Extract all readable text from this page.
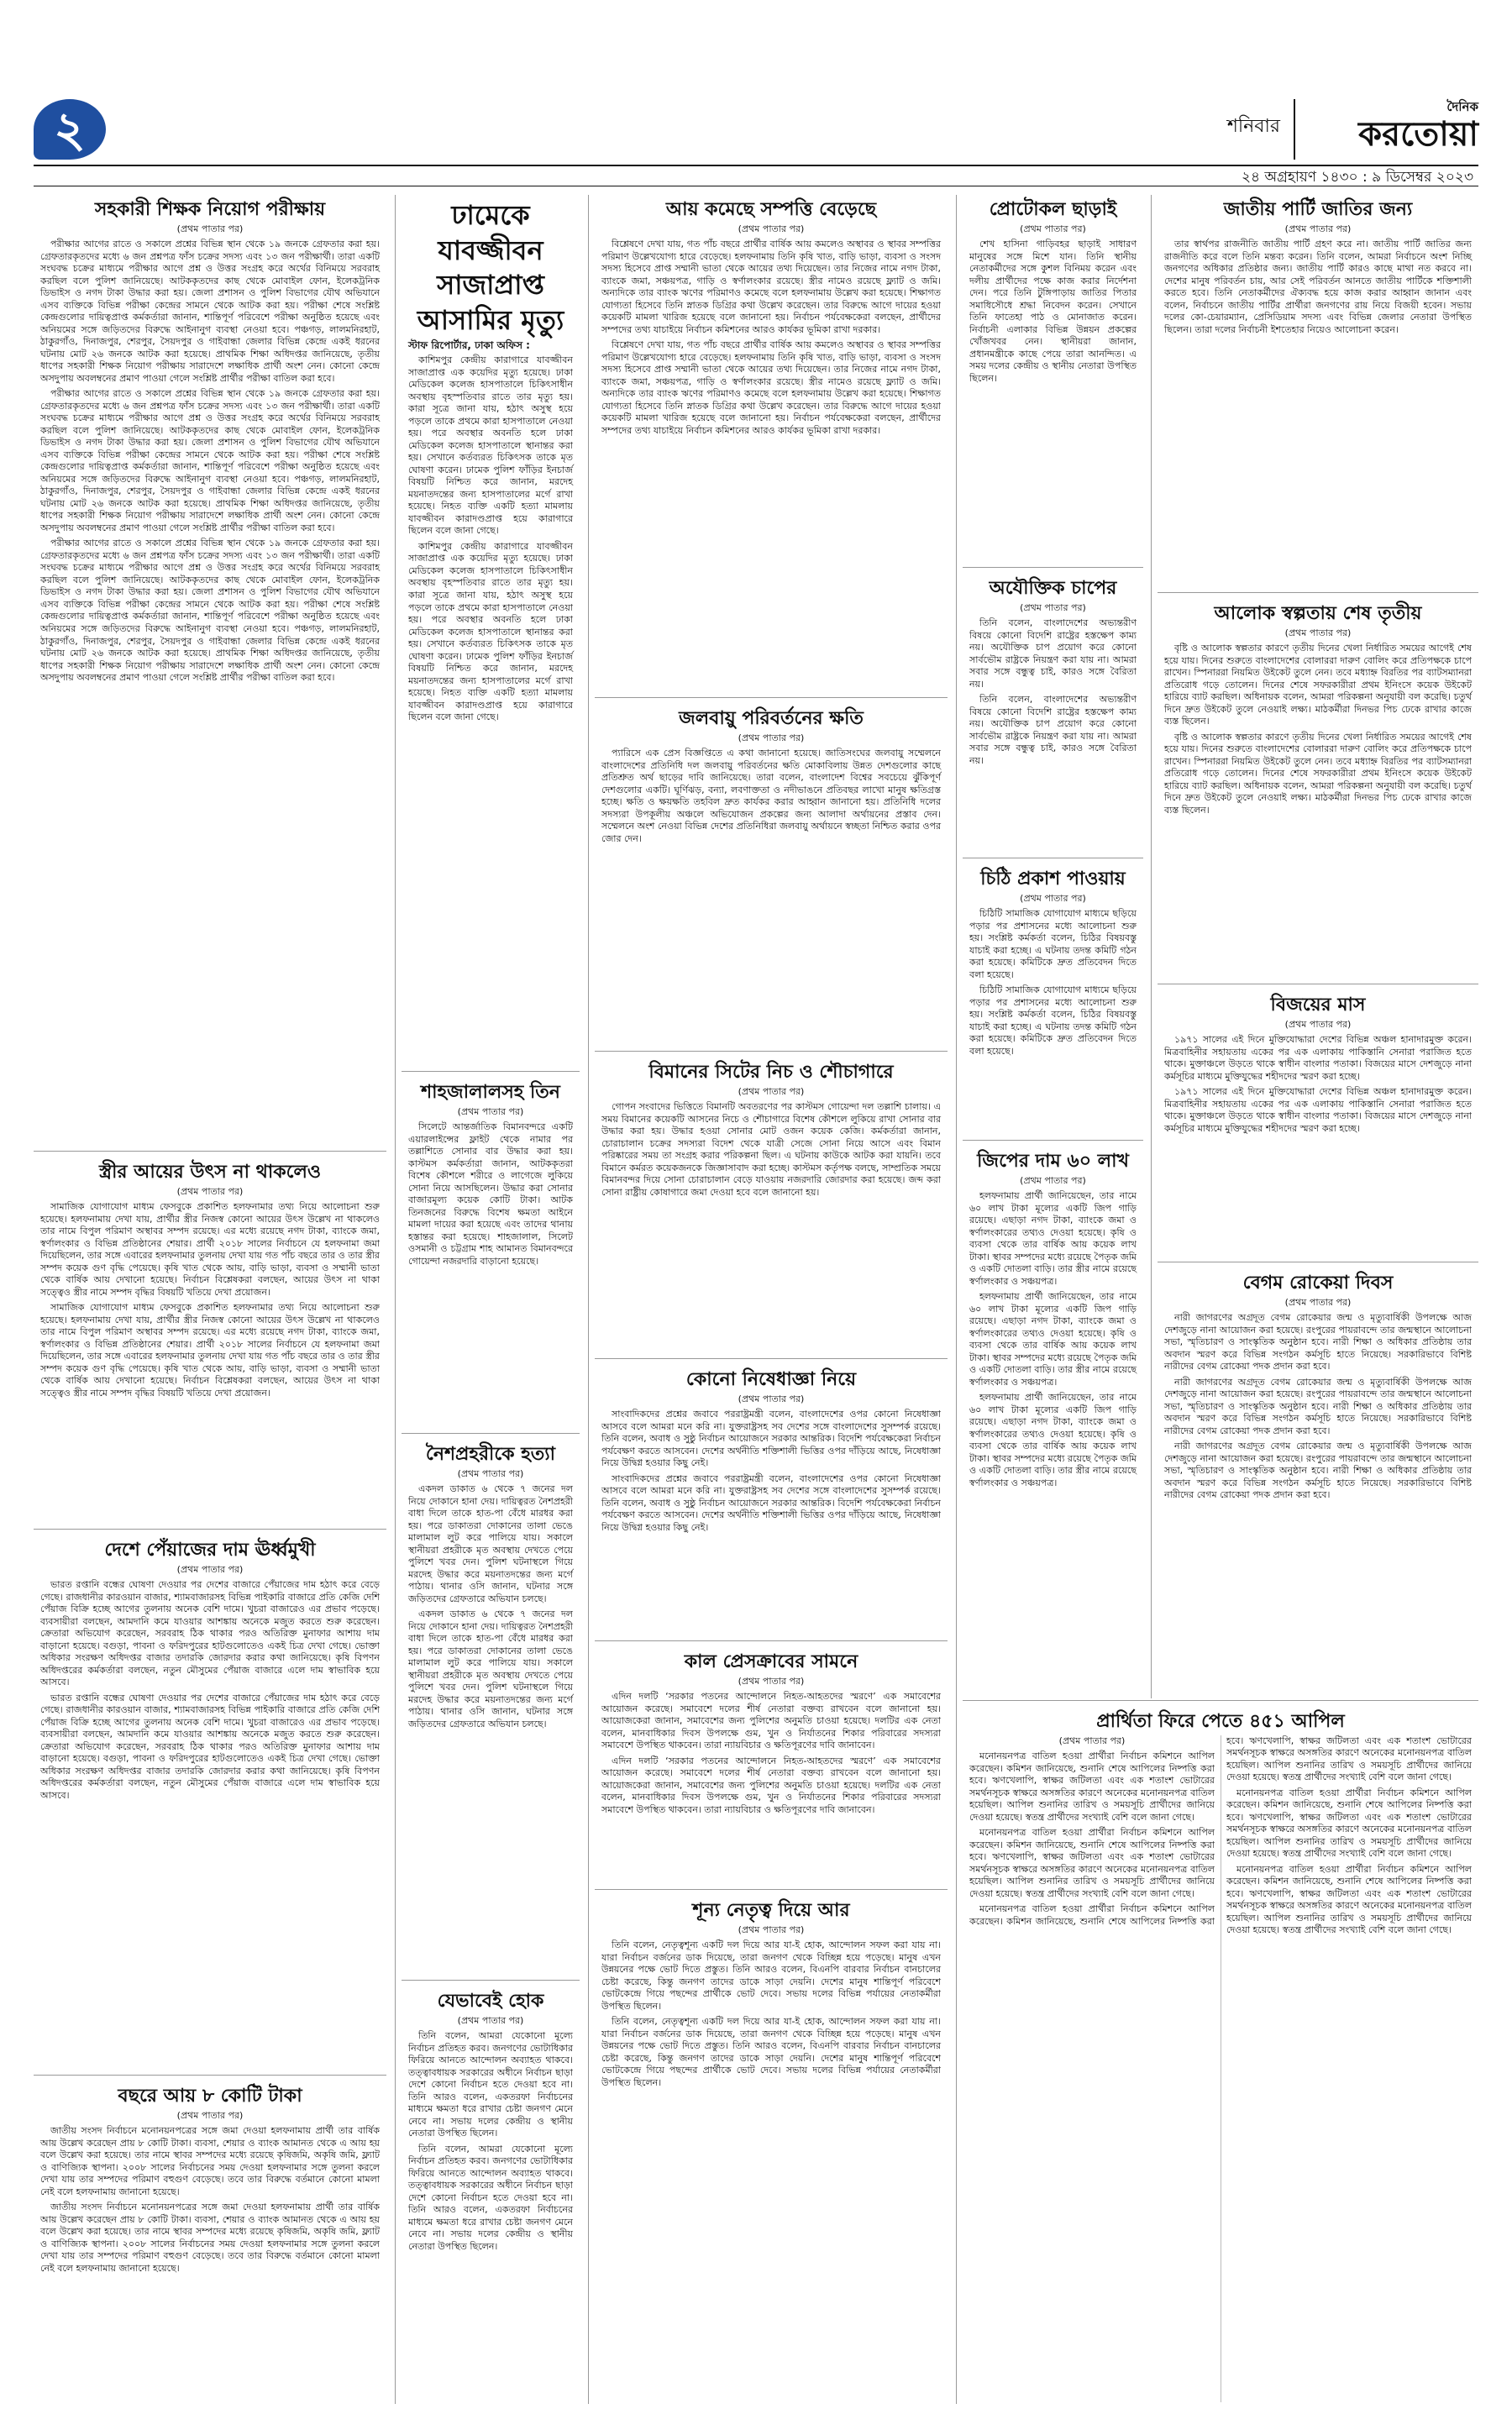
২	শনিবার
দৈনিক
করতোয়া
২৪ অগ্রহায়ণ ১৪৩০ : ৯ ডিসেম্বর ২০২৩
সহকারী শিক্ষক নিয়োগ পরীক্ষায়
(প্রথম পাতার পর)

পরীক্ষার আগের রাতে ও সকালে প্রশ্নের বিভিন্ন স্থান থেকে ১৯ জনকে গ্রেফতার করা হয়। গ্রেফতারকৃতদের মধ্যে ৬ জন প্রশ্নপত্র ফাঁস চক্রের সদস্য এবং ১৩ জন পরীক্ষার্থী। তারা একটি সংঘবদ্ধ চক্রের মাধ্যমে পরীক্ষার আগে প্রশ্ন ও উত্তর সংগ্রহ করে অর্থের বিনিময়ে সরবরাহ করছিল বলে পুলিশ জানিয়েছে। আটককৃতদের কাছ থেকে মোবাইল ফোন, ইলেকট্রনিক ডিভাইস ও নগদ টাকা উদ্ধার করা হয়। জেলা প্রশাসন ও পুলিশ বিভাগের যৌথ অভিযানে এসব ব্যক্তিকে বিভিন্ন পরীক্ষা কেন্দ্রের সামনে থেকে আটক করা হয়। পরীক্ষা শেষে সংশ্লিষ্ট কেন্দ্রগুলোর দায়িত্বপ্রাপ্ত কর্মকর্তারা জানান, শান্তিপূর্ণ পরিবেশে পরীক্ষা অনুষ্ঠিত হয়েছে এবং অনিয়মের সঙ্গে জড়িতদের বিরুদ্ধে আইনানুগ ব্যবস্থা নেওয়া হবে। পঞ্চগড়, লালমনিরহাট, ঠাকুরগাঁও, দিনাজপুর, শেরপুর, সৈয়দপুর ও গাইবান্ধা জেলার বিভিন্ন কেন্দ্রে একই ধরনের ঘটনায় মোট ২৬ জনকে আটক করা হয়েছে। প্রাথমিক শিক্ষা অধিদপ্তর জানিয়েছে, তৃতীয় ধাপের সহকারী শিক্ষক নিয়োগ পরীক্ষায় সারাদেশে লক্ষাধিক প্রার্থী অংশ নেন। কোনো কেন্দ্রে অসদুপায় অবলম্বনের প্রমাণ পাওয়া গেলে সংশ্লিষ্ট প্রার্থীর পরীক্ষা বাতিল করা হবে।

পরীক্ষার আগের রাতে ও সকালে প্রশ্নের বিভিন্ন স্থান থেকে ১৯ জনকে গ্রেফতার করা হয়। গ্রেফতারকৃতদের মধ্যে ৬ জন প্রশ্নপত্র ফাঁস চক্রের সদস্য এবং ১৩ জন পরীক্ষার্থী। তারা একটি সংঘবদ্ধ চক্রের মাধ্যমে পরীক্ষার আগে প্রশ্ন ও উত্তর সংগ্রহ করে অর্থের বিনিময়ে সরবরাহ করছিল বলে পুলিশ জানিয়েছে। আটককৃতদের কাছ থেকে মোবাইল ফোন, ইলেকট্রনিক ডিভাইস ও নগদ টাকা উদ্ধার করা হয়। জেলা প্রশাসন ও পুলিশ বিভাগের যৌথ অভিযানে এসব ব্যক্তিকে বিভিন্ন পরীক্ষা কেন্দ্রের সামনে থেকে আটক করা হয়। পরীক্ষা শেষে সংশ্লিষ্ট কেন্দ্রগুলোর দায়িত্বপ্রাপ্ত কর্মকর্তারা জানান, শান্তিপূর্ণ পরিবেশে পরীক্ষা অনুষ্ঠিত হয়েছে এবং অনিয়মের সঙ্গে জড়িতদের বিরুদ্ধে আইনানুগ ব্যবস্থা নেওয়া হবে। পঞ্চগড়, লালমনিরহাট, ঠাকুরগাঁও, দিনাজপুর, শেরপুর, সৈয়দপুর ও গাইবান্ধা জেলার বিভিন্ন কেন্দ্রে একই ধরনের ঘটনায় মোট ২৬ জনকে আটক করা হয়েছে। প্রাথমিক শিক্ষা অধিদপ্তর জানিয়েছে, তৃতীয় ধাপের সহকারী শিক্ষক নিয়োগ পরীক্ষায় সারাদেশে লক্ষাধিক প্রার্থী অংশ নেন। কোনো কেন্দ্রে অসদুপায় অবলম্বনের প্রমাণ পাওয়া গেলে সংশ্লিষ্ট প্রার্থীর পরীক্ষা বাতিল করা হবে।

পরীক্ষার আগের রাতে ও সকালে প্রশ্নের বিভিন্ন স্থান থেকে ১৯ জনকে গ্রেফতার করা হয়। গ্রেফতারকৃতদের মধ্যে ৬ জন প্রশ্নপত্র ফাঁস চক্রের সদস্য এবং ১৩ জন পরীক্ষার্থী। তারা একটি সংঘবদ্ধ চক্রের মাধ্যমে পরীক্ষার আগে প্রশ্ন ও উত্তর সংগ্রহ করে অর্থের বিনিময়ে সরবরাহ করছিল বলে পুলিশ জানিয়েছে। আটককৃতদের কাছ থেকে মোবাইল ফোন, ইলেকট্রনিক ডিভাইস ও নগদ টাকা উদ্ধার করা হয়। জেলা প্রশাসন ও পুলিশ বিভাগের যৌথ অভিযানে এসব ব্যক্তিকে বিভিন্ন পরীক্ষা কেন্দ্রের সামনে থেকে আটক করা হয়। পরীক্ষা শেষে সংশ্লিষ্ট কেন্দ্রগুলোর দায়িত্বপ্রাপ্ত কর্মকর্তারা জানান, শান্তিপূর্ণ পরিবেশে পরীক্ষা অনুষ্ঠিত হয়েছে এবং অনিয়মের সঙ্গে জড়িতদের বিরুদ্ধে আইনানুগ ব্যবস্থা নেওয়া হবে। পঞ্চগড়, লালমনিরহাট, ঠাকুরগাঁও, দিনাজপুর, শেরপুর, সৈয়দপুর ও গাইবান্ধা জেলার বিভিন্ন কেন্দ্রে একই ধরনের ঘটনায় মোট ২৬ জনকে আটক করা হয়েছে। প্রাথমিক শিক্ষা অধিদপ্তর জানিয়েছে, তৃতীয় ধাপের সহকারী শিক্ষক নিয়োগ পরীক্ষায় সারাদেশে লক্ষাধিক প্রার্থী অংশ নেন। কোনো কেন্দ্রে অসদুপায় অবলম্বনের প্রমাণ পাওয়া গেলে সংশ্লিষ্ট প্রার্থীর পরীক্ষা বাতিল করা হবে।

স্ত্রীর আয়ের উৎস না থাকলেও
(প্রথম পাতার পর)

সামাজিক যোগাযোগ মাধ্যম ফেসবুকে প্রকাশিত হলফনামার তথ্য নিয়ে আলোচনা শুরু হয়েছে। হলফনামায় দেখা যায়, প্রার্থীর স্ত্রীর নিজস্ব কোনো আয়ের উৎস উল্লেখ না থাকলেও তার নামে বিপুল পরিমাণ অস্থাবর সম্পদ রয়েছে। এর মধ্যে রয়েছে নগদ টাকা, ব্যাংকে জমা, স্বর্ণালংকার ও বিভিন্ন প্রতিষ্ঠানের শেয়ার। প্রার্থী ২০১৮ সালের নির্বাচনে যে হলফনামা জমা দিয়েছিলেন, তার সঙ্গে এবারের হলফনামার তুলনায় দেখা যায় গত পাঁচ বছরে তার ও তার স্ত্রীর সম্পদ কয়েক গুণ বৃদ্ধি পেয়েছে। কৃষি খাত থেকে আয়, বাড়ি ভাড়া, ব্যবসা ও সম্মানী ভাতা থেকে বার্ষিক আয় দেখানো হয়েছে। নির্বাচন বিশ্লেষকরা বলছেন, আয়ের উৎস না থাকা সত্ত্বেও স্ত্রীর নামে সম্পদ বৃদ্ধির বিষয়টি খতিয়ে দেখা প্রয়োজন।

সামাজিক যোগাযোগ মাধ্যম ফেসবুকে প্রকাশিত হলফনামার তথ্য নিয়ে আলোচনা শুরু হয়েছে। হলফনামায় দেখা যায়, প্রার্থীর স্ত্রীর নিজস্ব কোনো আয়ের উৎস উল্লেখ না থাকলেও তার নামে বিপুল পরিমাণ অস্থাবর সম্পদ রয়েছে। এর মধ্যে রয়েছে নগদ টাকা, ব্যাংকে জমা, স্বর্ণালংকার ও বিভিন্ন প্রতিষ্ঠানের শেয়ার। প্রার্থী ২০১৮ সালের নির্বাচনে যে হলফনামা জমা দিয়েছিলেন, তার সঙ্গে এবারের হলফনামার তুলনায় দেখা যায় গত পাঁচ বছরে তার ও তার স্ত্রীর সম্পদ কয়েক গুণ বৃদ্ধি পেয়েছে। কৃষি খাত থেকে আয়, বাড়ি ভাড়া, ব্যবসা ও সম্মানী ভাতা থেকে বার্ষিক আয় দেখানো হয়েছে। নির্বাচন বিশ্লেষকরা বলছেন, আয়ের উৎস না থাকা সত্ত্বেও স্ত্রীর নামে সম্পদ বৃদ্ধির বিষয়টি খতিয়ে দেখা প্রয়োজন।

দেশে পেঁয়াজের দাম ঊর্ধ্বমুখী
(প্রথম পাতার পর)

ভারত রপ্তানি বন্ধের ঘোষণা দেওয়ার পর দেশের বাজারে পেঁয়াজের দাম হঠাৎ করে বেড়ে গেছে। রাজধানীর কারওয়ান বাজার, শ্যামবাজারসহ বিভিন্ন পাইকারি বাজারে প্রতি কেজি দেশি পেঁয়াজ বিক্রি হচ্ছে আগের তুলনায় অনেক বেশি দামে। খুচরা বাজারেও এর প্রভাব পড়েছে। ব্যবসায়ীরা বলছেন, আমদানি কমে যাওয়ার আশঙ্কায় অনেকে মজুত করতে শুরু করেছেন। ক্রেতারা অভিযোগ করেছেন, সরবরাহ ঠিক থাকার পরও অতিরিক্ত মুনাফার আশায় দাম বাড়ানো হয়েছে। বগুড়া, পাবনা ও ফরিদপুরের হাটগুলোতেও একই চিত্র দেখা গেছে। ভোক্তা অধিকার সংরক্ষণ অধিদপ্তর বাজার তদারকি জোরদার করার কথা জানিয়েছে। কৃষি বিপণন অধিদপ্তরের কর্মকর্তারা বলছেন, নতুন মৌসুমের পেঁয়াজ বাজারে এলে দাম স্বাভাবিক হয়ে আসবে।

ভারত রপ্তানি বন্ধের ঘোষণা দেওয়ার পর দেশের বাজারে পেঁয়াজের দাম হঠাৎ করে বেড়ে গেছে। রাজধানীর কারওয়ান বাজার, শ্যামবাজারসহ বিভিন্ন পাইকারি বাজারে প্রতি কেজি দেশি পেঁয়াজ বিক্রি হচ্ছে আগের তুলনায় অনেক বেশি দামে। খুচরা বাজারেও এর প্রভাব পড়েছে। ব্যবসায়ীরা বলছেন, আমদানি কমে যাওয়ার আশঙ্কায় অনেকে মজুত করতে শুরু করেছেন। ক্রেতারা অভিযোগ করেছেন, সরবরাহ ঠিক থাকার পরও অতিরিক্ত মুনাফার আশায় দাম বাড়ানো হয়েছে। বগুড়া, পাবনা ও ফরিদপুরের হাটগুলোতেও একই চিত্র দেখা গেছে। ভোক্তা অধিকার সংরক্ষণ অধিদপ্তর বাজার তদারকি জোরদার করার কথা জানিয়েছে। কৃষি বিপণন অধিদপ্তরের কর্মকর্তারা বলছেন, নতুন মৌসুমের পেঁয়াজ বাজারে এলে দাম স্বাভাবিক হয়ে আসবে।

বছরে আয় ৮ কোটি টাকা
(প্রথম পাতার পর)

জাতীয় সংসদ নির্বাচনে মনোনয়নপত্রের সঙ্গে জমা দেওয়া হলফনামায় প্রার্থী তার বার্ষিক আয় উল্লেখ করেছেন প্রায় ৮ কোটি টাকা। ব্যবসা, শেয়ার ও ব্যাংক আমানত থেকে এ আয় হয় বলে উল্লেখ করা হয়েছে। তার নামে স্থাবর সম্পদের মধ্যে রয়েছে কৃষিজমি, অকৃষি জমি, ফ্ল্যাট ও বাণিজ্যিক স্থাপনা। ২০০৮ সালের নির্বাচনের সময় দেওয়া হলফনামার সঙ্গে তুলনা করলে দেখা যায় তার সম্পদের পরিমাণ বহুগুণ বেড়েছে। তবে তার বিরুদ্ধে বর্তমানে কোনো মামলা নেই বলে হলফনামায় জানানো হয়েছে।

জাতীয় সংসদ নির্বাচনে মনোনয়নপত্রের সঙ্গে জমা দেওয়া হলফনামায় প্রার্থী তার বার্ষিক আয় উল্লেখ করেছেন প্রায় ৮ কোটি টাকা। ব্যবসা, শেয়ার ও ব্যাংক আমানত থেকে এ আয় হয় বলে উল্লেখ করা হয়েছে। তার নামে স্থাবর সম্পদের মধ্যে রয়েছে কৃষিজমি, অকৃষি জমি, ফ্ল্যাট ও বাণিজ্যিক স্থাপনা। ২০০৮ সালের নির্বাচনের সময় দেওয়া হলফনামার সঙ্গে তুলনা করলে দেখা যায় তার সম্পদের পরিমাণ বহুগুণ বেড়েছে। তবে তার বিরুদ্ধে বর্তমানে কোনো মামলা নেই বলে হলফনামায় জানানো হয়েছে।

ঢামেকে যাবজ্জীবন সাজাপ্রাপ্ত আসামির মৃত্যু
স্টাফ রিপোর্টার, ঢাকা অফিস :

কাশিমপুর কেন্দ্রীয় কারাগারে যাবজ্জীবন সাজাপ্রাপ্ত এক কয়েদির মৃত্যু হয়েছে। ঢাকা মেডিকেল কলেজ হাসপাতালে চিকিৎসাধীন অবস্থায় বৃহস্পতিবার রাতে তার মৃত্যু হয়। কারা সূত্রে জানা যায়, হঠাৎ অসুস্থ হয়ে পড়লে তাকে প্রথমে কারা হাসপাতালে নেওয়া হয়। পরে অবস্থার অবনতি হলে ঢাকা মেডিকেল কলেজ হাসপাতালে স্থানান্তর করা হয়। সেখানে কর্তব্যরত চিকিৎসক তাকে মৃত ঘোষণা করেন। ঢামেক পুলিশ ফাঁড়ির ইনচার্জ বিষয়টি নিশ্চিত করে জানান, মরদেহ ময়নাতদন্তের জন্য হাসপাতালের মর্গে রাখা হয়েছে। নিহত ব্যক্তি একটি হত্যা মামলায় যাবজ্জীবন কারাদণ্ডপ্রাপ্ত হয়ে কারাগারে ছিলেন বলে জানা গেছে।

কাশিমপুর কেন্দ্রীয় কারাগারে যাবজ্জীবন সাজাপ্রাপ্ত এক কয়েদির মৃত্যু হয়েছে। ঢাকা মেডিকেল কলেজ হাসপাতালে চিকিৎসাধীন অবস্থায় বৃহস্পতিবার রাতে তার মৃত্যু হয়। কারা সূত্রে জানা যায়, হঠাৎ অসুস্থ হয়ে পড়লে তাকে প্রথমে কারা হাসপাতালে নেওয়া হয়। পরে অবস্থার অবনতি হলে ঢাকা মেডিকেল কলেজ হাসপাতালে স্থানান্তর করা হয়। সেখানে কর্তব্যরত চিকিৎসক তাকে মৃত ঘোষণা করেন। ঢামেক পুলিশ ফাঁড়ির ইনচার্জ বিষয়টি নিশ্চিত করে জানান, মরদেহ ময়নাতদন্তের জন্য হাসপাতালের মর্গে রাখা হয়েছে। নিহত ব্যক্তি একটি হত্যা মামলায় যাবজ্জীবন কারাদণ্ডপ্রাপ্ত হয়ে কারাগারে ছিলেন বলে জানা গেছে।

শাহজালালসহ তিন
(প্রথম পাতার পর)

সিলেটে আন্তর্জাতিক বিমানবন্দরে একটি এয়ারলাইন্সের ফ্লাইট থেকে নামার পর তল্লাশিতে সোনার বার উদ্ধার করা হয়। কাস্টমস কর্মকর্তারা জানান, আটককৃতরা বিশেষ কৌশলে শরীরে ও লাগেজে লুকিয়ে সোনা নিয়ে আসছিলেন। উদ্ধার করা সোনার বাজারমূল্য কয়েক কোটি টাকা। আটক তিনজনের বিরুদ্ধে বিশেষ ক্ষমতা আইনে মামলা দায়ের করা হয়েছে এবং তাদের থানায় হস্তান্তর করা হয়েছে। শাহজালাল, সিলেট ওসমানী ও চট্টগ্রাম শাহ আমানত বিমানবন্দরে গোয়েন্দা নজরদারি বাড়ানো হয়েছে।

নৈশপ্রহরীকে হত্যা
(প্রথম পাতার পর)

একদল ডাকাত ৬ থেকে ৭ জনের দল নিয়ে দোকানে হানা দেয়। দায়িত্বরত নৈশপ্রহরী বাধা দিলে তাকে হাত-পা বেঁধে মারধর করা হয়। পরে ডাকাতরা দোকানের তালা ভেঙে মালামাল লুট করে পালিয়ে যায়। সকালে স্থানীয়রা প্রহরীকে মৃত অবস্থায় দেখতে পেয়ে পুলিশে খবর দেন। পুলিশ ঘটনাস্থলে গিয়ে মরদেহ উদ্ধার করে ময়নাতদন্তের জন্য মর্গে পাঠায়। থানার ওসি জানান, ঘটনার সঙ্গে জড়িতদের গ্রেফতারে অভিযান চলছে।

একদল ডাকাত ৬ থেকে ৭ জনের দল নিয়ে দোকানে হানা দেয়। দায়িত্বরত নৈশপ্রহরী বাধা দিলে তাকে হাত-পা বেঁধে মারধর করা হয়। পরে ডাকাতরা দোকানের তালা ভেঙে মালামাল লুট করে পালিয়ে যায়। সকালে স্থানীয়রা প্রহরীকে মৃত অবস্থায় দেখতে পেয়ে পুলিশে খবর দেন। পুলিশ ঘটনাস্থলে গিয়ে মরদেহ উদ্ধার করে ময়নাতদন্তের জন্য মর্গে পাঠায়। থানার ওসি জানান, ঘটনার সঙ্গে জড়িতদের গ্রেফতারে অভিযান চলছে।

যেভাবেই হোক
(প্রথম পাতার পর)

তিনি বলেন, আমরা যেকোনো মূল্যে নির্বাচন প্রতিহত করব। জনগণের ভোটাধিকার ফিরিয়ে আনতে আন্দোলন অব্যাহত থাকবে। তত্ত্বাবধায়ক সরকারের অধীনে নির্বাচন ছাড়া দেশে কোনো নির্বাচন হতে দেওয়া হবে না। তিনি আরও বলেন, একতরফা নির্বাচনের মাধ্যমে ক্ষমতা ধরে রাখার চেষ্টা জনগণ মেনে নেবে না। সভায় দলের কেন্দ্রীয় ও স্থানীয় নেতারা উপস্থিত ছিলেন।

তিনি বলেন, আমরা যেকোনো মূল্যে নির্বাচন প্রতিহত করব। জনগণের ভোটাধিকার ফিরিয়ে আনতে আন্দোলন অব্যাহত থাকবে। তত্ত্বাবধায়ক সরকারের অধীনে নির্বাচন ছাড়া দেশে কোনো নির্বাচন হতে দেওয়া হবে না। তিনি আরও বলেন, একতরফা নির্বাচনের মাধ্যমে ক্ষমতা ধরে রাখার চেষ্টা জনগণ মেনে নেবে না। সভায় দলের কেন্দ্রীয় ও স্থানীয় নেতারা উপস্থিত ছিলেন।

আয় কমেছে সম্পত্তি বেড়েছে
(প্রথম পাতার পর)

বিশ্লেষণে দেখা যায়, গত পাঁচ বছরে প্রার্থীর বার্ষিক আয় কমলেও অস্থাবর ও স্থাবর সম্পত্তির পরিমাণ উল্লেখযোগ্য হারে বেড়েছে। হলফনামায় তিনি কৃষি খাত, বাড়ি ভাড়া, ব্যবসা ও সংসদ সদস্য হিসেবে প্রাপ্ত সম্মানী ভাতা থেকে আয়ের তথ্য দিয়েছেন। তার নিজের নামে নগদ টাকা, ব্যাংকে জমা, সঞ্চয়পত্র, গাড়ি ও স্বর্ণালংকার রয়েছে। স্ত্রীর নামেও রয়েছে ফ্ল্যাট ও জমি। অন্যদিকে তার ব্যাংক ঋণের পরিমাণও কমেছে বলে হলফনামায় উল্লেখ করা হয়েছে। শিক্ষাগত যোগ্যতা হিসেবে তিনি স্নাতক ডিগ্রির কথা উল্লেখ করেছেন। তার বিরুদ্ধে আগে দায়ের হওয়া কয়েকটি মামলা খারিজ হয়েছে বলে জানানো হয়। নির্বাচন পর্যবেক্ষকেরা বলছেন, প্রার্থীদের সম্পদের তথ্য যাচাইয়ে নির্বাচন কমিশনের আরও কার্যকর ভূমিকা রাখা দরকার।

বিশ্লেষণে দেখা যায়, গত পাঁচ বছরে প্রার্থীর বার্ষিক আয় কমলেও অস্থাবর ও স্থাবর সম্পত্তির পরিমাণ উল্লেখযোগ্য হারে বেড়েছে। হলফনামায় তিনি কৃষি খাত, বাড়ি ভাড়া, ব্যবসা ও সংসদ সদস্য হিসেবে প্রাপ্ত সম্মানী ভাতা থেকে আয়ের তথ্য দিয়েছেন। তার নিজের নামে নগদ টাকা, ব্যাংকে জমা, সঞ্চয়পত্র, গাড়ি ও স্বর্ণালংকার রয়েছে। স্ত্রীর নামেও রয়েছে ফ্ল্যাট ও জমি। অন্যদিকে তার ব্যাংক ঋণের পরিমাণও কমেছে বলে হলফনামায় উল্লেখ করা হয়েছে। শিক্ষাগত যোগ্যতা হিসেবে তিনি স্নাতক ডিগ্রির কথা উল্লেখ করেছেন। তার বিরুদ্ধে আগে দায়ের হওয়া কয়েকটি মামলা খারিজ হয়েছে বলে জানানো হয়। নির্বাচন পর্যবেক্ষকেরা বলছেন, প্রার্থীদের সম্পদের তথ্য যাচাইয়ে নির্বাচন কমিশনের আরও কার্যকর ভূমিকা রাখা দরকার।

জলবায়ু পরিবর্তনের ক্ষতি
(প্রথম পাতার পর)

প্যারিসে এক প্রেস বিজ্ঞপ্তিতে এ কথা জানানো হয়েছে। জাতিসংঘের জলবায়ু সম্মেলনে বাংলাদেশের প্রতিনিধি দল জলবায়ু পরিবর্তনের ক্ষতি মোকাবিলায় উন্নত দেশগুলোর কাছে প্রতিশ্রুত অর্থ ছাড়ের দাবি জানিয়েছে। তারা বলেন, বাংলাদেশ বিশ্বের সবচেয়ে ঝুঁকিপূর্ণ দেশগুলোর একটি। ঘূর্ণিঝড়, বন্যা, লবণাক্ততা ও নদীভাঙনে প্রতিবছর লাখো মানুষ ক্ষতিগ্রস্ত হচ্ছে। ক্ষতি ও ক্ষয়ক্ষতি তহবিল দ্রুত কার্যকর করার আহ্বান জানানো হয়। প্রতিনিধি দলের সদস্যরা উপকূলীয় অঞ্চলে অভিযোজন প্রকল্পের জন্য আলাদা অর্থায়নের প্রস্তাব দেন। সম্মেলনে অংশ নেওয়া বিভিন্ন দেশের প্রতিনিধিরা জলবায়ু অর্থায়নে স্বচ্ছতা নিশ্চিত করার ওপর জোর দেন।

বিমানের সিটের নিচ ও শৌচাগারে
(প্রথম পাতার পর)

গোপন সংবাদের ভিত্তিতে বিমানটি অবতরণের পর কাস্টমস গোয়েন্দা দল তল্লাশি চালায়। এ সময় বিমানের কয়েকটি আসনের নিচে ও শৌচাগারে বিশেষ কৌশলে লুকিয়ে রাখা সোনার বার উদ্ধার করা হয়। উদ্ধার হওয়া সোনার মোট ওজন কয়েক কেজি। কর্মকর্তারা জানান, চোরাচালান চক্রের সদস্যরা বিদেশ থেকে যাত্রী সেজে সোনা নিয়ে আসে এবং বিমান পরিষ্কারের সময় তা সংগ্রহ করার পরিকল্পনা ছিল। এ ঘটনায় কাউকে আটক করা যায়নি। তবে বিমানে কর্মরত কয়েকজনকে জিজ্ঞাসাবাদ করা হচ্ছে। কাস্টমস কর্তৃপক্ষ বলছে, সাম্প্রতিক সময়ে বিমানবন্দর দিয়ে সোনা চোরাচালান বেড়ে যাওয়ায় নজরদারি জোরদার করা হয়েছে। জব্দ করা সোনা রাষ্ট্রীয় কোষাগারে জমা দেওয়া হবে বলে জানানো হয়।

কোনো নিষেধাজ্ঞা নিয়ে
(প্রথম পাতার পর)

সাংবাদিকদের প্রশ্নের জবাবে পররাষ্ট্রমন্ত্রী বলেন, বাংলাদেশের ওপর কোনো নিষেধাজ্ঞা আসবে বলে আমরা মনে করি না। যুক্তরাষ্ট্রসহ সব দেশের সঙ্গে বাংলাদেশের সুসম্পর্ক রয়েছে। তিনি বলেন, অবাধ ও সুষ্ঠু নির্বাচন আয়োজনে সরকার আন্তরিক। বিদেশি পর্যবেক্ষকেরা নির্বাচন পর্যবেক্ষণ করতে আসবেন। দেশের অর্থনীতি শক্তিশালী ভিত্তির ওপর দাঁড়িয়ে আছে, নিষেধাজ্ঞা নিয়ে উদ্বিগ্ন হওয়ার কিছু নেই।

সাংবাদিকদের প্রশ্নের জবাবে পররাষ্ট্রমন্ত্রী বলেন, বাংলাদেশের ওপর কোনো নিষেধাজ্ঞা আসবে বলে আমরা মনে করি না। যুক্তরাষ্ট্রসহ সব দেশের সঙ্গে বাংলাদেশের সুসম্পর্ক রয়েছে। তিনি বলেন, অবাধ ও সুষ্ঠু নির্বাচন আয়োজনে সরকার আন্তরিক। বিদেশি পর্যবেক্ষকেরা নির্বাচন পর্যবেক্ষণ করতে আসবেন। দেশের অর্থনীতি শক্তিশালী ভিত্তির ওপর দাঁড়িয়ে আছে, নিষেধাজ্ঞা নিয়ে উদ্বিগ্ন হওয়ার কিছু নেই।

কাল প্রেসক্রাবের সামনে
(প্রথম পাতার পর)

এদিন দলটি ‘সরকার পতনের আন্দোলনে নিহত-আহতদের স্মরণে’ এক সমাবেশের আয়োজন করেছে। সমাবেশে দলের শীর্ষ নেতারা বক্তব্য রাখবেন বলে জানানো হয়। আয়োজকেরা জানান, সমাবেশের জন্য পুলিশের অনুমতি চাওয়া হয়েছে। দলটির এক নেতা বলেন, মানবাধিকার দিবস উপলক্ষে গুম, খুন ও নির্যাতনের শিকার পরিবারের সদস্যরা সমাবেশে উপস্থিত থাকবেন। তারা ন্যায়বিচার ও ক্ষতিপূরণের দাবি জানাবেন।

এদিন দলটি ‘সরকার পতনের আন্দোলনে নিহত-আহতদের স্মরণে’ এক সমাবেশের আয়োজন করেছে। সমাবেশে দলের শীর্ষ নেতারা বক্তব্য রাখবেন বলে জানানো হয়। আয়োজকেরা জানান, সমাবেশের জন্য পুলিশের অনুমতি চাওয়া হয়েছে। দলটির এক নেতা বলেন, মানবাধিকার দিবস উপলক্ষে গুম, খুন ও নির্যাতনের শিকার পরিবারের সদস্যরা সমাবেশে উপস্থিত থাকবেন। তারা ন্যায়বিচার ও ক্ষতিপূরণের দাবি জানাবেন।

শূন্য নেতৃত্ব দিয়ে আর
(প্রথম পাতার পর)

তিনি বলেন, নেতৃত্বশূন্য একটি দল দিয়ে আর যা-ই হোক, আন্দোলন সফল করা যায় না। যারা নির্বাচন বর্জনের ডাক দিয়েছে, তারা জনগণ থেকে বিচ্ছিন্ন হয়ে পড়েছে। মানুষ এখন উন্নয়নের পক্ষে ভোট দিতে প্রস্তুত। তিনি আরও বলেন, বিএনপি বারবার নির্বাচন বানচালের চেষ্টা করেছে, কিন্তু জনগণ তাদের ডাকে সাড়া দেয়নি। দেশের মানুষ শান্তিপূর্ণ পরিবেশে ভোটকেন্দ্রে গিয়ে পছন্দের প্রার্থীকে ভোট দেবে। সভায় দলের বিভিন্ন পর্যায়ের নেতাকর্মীরা উপস্থিত ছিলেন।

তিনি বলেন, নেতৃত্বশূন্য একটি দল দিয়ে আর যা-ই হোক, আন্দোলন সফল করা যায় না। যারা নির্বাচন বর্জনের ডাক দিয়েছে, তারা জনগণ থেকে বিচ্ছিন্ন হয়ে পড়েছে। মানুষ এখন উন্নয়নের পক্ষে ভোট দিতে প্রস্তুত। তিনি আরও বলেন, বিএনপি বারবার নির্বাচন বানচালের চেষ্টা করেছে, কিন্তু জনগণ তাদের ডাকে সাড়া দেয়নি। দেশের মানুষ শান্তিপূর্ণ পরিবেশে ভোটকেন্দ্রে গিয়ে পছন্দের প্রার্থীকে ভোট দেবে। সভায় দলের বিভিন্ন পর্যায়ের নেতাকর্মীরা উপস্থিত ছিলেন।

প্রোটোকল ছাড়াই
(প্রথম পাতার পর)

শেখ হাসিনা গাড়িবহর ছাড়াই সাধারণ মানুষের সঙ্গে মিশে যান। তিনি স্থানীয় নেতাকর্মীদের সঙ্গে কুশল বিনিময় করেন এবং দলীয় প্রার্থীদের পক্ষে কাজ করার নির্দেশনা দেন। পরে তিনি টুঙ্গিপাড়ায় জাতির পিতার সমাধিসৌধে শ্রদ্ধা নিবেদন করেন। সেখানে তিনি ফাতেহা পাঠ ও মোনাজাত করেন। নির্বাচনী এলাকার বিভিন্ন উন্নয়ন প্রকল্পের খোঁজখবর নেন। স্থানীয়রা জানান, প্রধানমন্ত্রীকে কাছে পেয়ে তারা আনন্দিত। এ সময় দলের কেন্দ্রীয় ও স্থানীয় নেতারা উপস্থিত ছিলেন।

অযৌক্তিক চাপের
(প্রথম পাতার পর)

তিনি বলেন, বাংলাদেশের অভ্যন্তরীণ বিষয়ে কোনো বিদেশি রাষ্ট্রের হস্তক্ষেপ কাম্য নয়। অযৌক্তিক চাপ প্রয়োগ করে কোনো সার্বভৌম রাষ্ট্রকে নিয়ন্ত্রণ করা যায় না। আমরা সবার সঙ্গে বন্ধুত্ব চাই, কারও সঙ্গে বৈরিতা নয়।

তিনি বলেন, বাংলাদেশের অভ্যন্তরীণ বিষয়ে কোনো বিদেশি রাষ্ট্রের হস্তক্ষেপ কাম্য নয়। অযৌক্তিক চাপ প্রয়োগ করে কোনো সার্বভৌম রাষ্ট্রকে নিয়ন্ত্রণ করা যায় না। আমরা সবার সঙ্গে বন্ধুত্ব চাই, কারও সঙ্গে বৈরিতা নয়।

চিঠি প্রকাশ পাওয়ায়
(প্রথম পাতার পর)

চিঠিটি সামাজিক যোগাযোগ মাধ্যমে ছড়িয়ে পড়ার পর প্রশাসনের মধ্যে আলোচনা শুরু হয়। সংশ্লিষ্ট কর্মকর্তা বলেন, চিঠির বিষয়বস্তু যাচাই করা হচ্ছে। এ ঘটনায় তদন্ত কমিটি গঠন করা হয়েছে। কমিটিকে দ্রুত প্রতিবেদন দিতে বলা হয়েছে।

চিঠিটি সামাজিক যোগাযোগ মাধ্যমে ছড়িয়ে পড়ার পর প্রশাসনের মধ্যে আলোচনা শুরু হয়। সংশ্লিষ্ট কর্মকর্তা বলেন, চিঠির বিষয়বস্তু যাচাই করা হচ্ছে। এ ঘটনায় তদন্ত কমিটি গঠন করা হয়েছে। কমিটিকে দ্রুত প্রতিবেদন দিতে বলা হয়েছে।

জিপের দাম ৬০ লাখ
(প্রথম পাতার পর)

হলফনামায় প্রার্থী জানিয়েছেন, তার নামে ৬০ লাখ টাকা মূল্যের একটি জিপ গাড়ি রয়েছে। এছাড়া নগদ টাকা, ব্যাংকে জমা ও স্বর্ণালংকারের তথ্যও দেওয়া হয়েছে। কৃষি ও ব্যবসা থেকে তার বার্ষিক আয় কয়েক লাখ টাকা। স্থাবর সম্পদের মধ্যে রয়েছে পৈতৃক জমি ও একটি দোতলা বাড়ি। তার স্ত্রীর নামে রয়েছে স্বর্ণালংকার ও সঞ্চয়পত্র।

হলফনামায় প্রার্থী জানিয়েছেন, তার নামে ৬০ লাখ টাকা মূল্যের একটি জিপ গাড়ি রয়েছে। এছাড়া নগদ টাকা, ব্যাংকে জমা ও স্বর্ণালংকারের তথ্যও দেওয়া হয়েছে। কৃষি ও ব্যবসা থেকে তার বার্ষিক আয় কয়েক লাখ টাকা। স্থাবর সম্পদের মধ্যে রয়েছে পৈতৃক জমি ও একটি দোতলা বাড়ি। তার স্ত্রীর নামে রয়েছে স্বর্ণালংকার ও সঞ্চয়পত্র।

হলফনামায় প্রার্থী জানিয়েছেন, তার নামে ৬০ লাখ টাকা মূল্যের একটি জিপ গাড়ি রয়েছে। এছাড়া নগদ টাকা, ব্যাংকে জমা ও স্বর্ণালংকারের তথ্যও দেওয়া হয়েছে। কৃষি ও ব্যবসা থেকে তার বার্ষিক আয় কয়েক লাখ টাকা। স্থাবর সম্পদের মধ্যে রয়েছে পৈতৃক জমি ও একটি দোতলা বাড়ি। তার স্ত্রীর নামে রয়েছে স্বর্ণালংকার ও সঞ্চয়পত্র।

জাতীয় পার্টি জাতির জন্য
(প্রথম পাতার পর)

তার স্বার্থপর রাজনীতি জাতীয় পার্টি গ্রহণ করে না। জাতীয় পার্টি জাতির জন্য রাজনীতি করে বলে তিনি মন্তব্য করেন। তিনি বলেন, আমরা নির্বাচনে অংশ নিচ্ছি জনগণের অধিকার প্রতিষ্ঠার জন্য। জাতীয় পার্টি কারও কাছে মাথা নত করবে না। দেশের মানুষ পরিবর্তন চায়, আর সেই পরিবর্তন আনতে জাতীয় পার্টিকে শক্তিশালী করতে হবে। তিনি নেতাকর্মীদের ঐক্যবদ্ধ হয়ে কাজ করার আহ্বান জানান এবং বলেন, নির্বাচনে জাতীয় পার্টির প্রার্থীরা জনগণের রায় নিয়ে বিজয়ী হবেন। সভায় দলের কো-চেয়ারম্যান, প্রেসিডিয়াম সদস্য এবং বিভিন্ন জেলার নেতারা উপস্থিত ছিলেন। তারা দলের নির্বাচনী ইশতেহার নিয়েও আলোচনা করেন।

আলোক স্বল্পতায় শেষ তৃতীয়
(প্রথম পাতার পর)

বৃষ্টি ও আলোক স্বল্পতার কারণে তৃতীয় দিনের খেলা নির্ধারিত সময়ের আগেই শেষ হয়ে যায়। দিনের শুরুতে বাংলাদেশের বোলাররা দারুণ বোলিং করে প্রতিপক্ষকে চাপে রাখেন। স্পিনাররা নিয়মিত উইকেট তুলে নেন। তবে মধ্যাহ্ন বিরতির পর ব্যাটসম্যানরা প্রতিরোধ গড়ে তোলেন। দিনের শেষে সফরকারীরা প্রথম ইনিংসে কয়েক উইকেট হারিয়ে ব্যাট করছিল। অধিনায়ক বলেন, আমরা পরিকল্পনা অনুযায়ী বল করেছি। চতুর্থ দিনে দ্রুত উইকেট তুলে নেওয়াই লক্ষ্য। মাঠকর্মীরা দিনভর পিচ ঢেকে রাখার কাজে ব্যস্ত ছিলেন।

বৃষ্টি ও আলোক স্বল্পতার কারণে তৃতীয় দিনের খেলা নির্ধারিত সময়ের আগেই শেষ হয়ে যায়। দিনের শুরুতে বাংলাদেশের বোলাররা দারুণ বোলিং করে প্রতিপক্ষকে চাপে রাখেন। স্পিনাররা নিয়মিত উইকেট তুলে নেন। তবে মধ্যাহ্ন বিরতির পর ব্যাটসম্যানরা প্রতিরোধ গড়ে তোলেন। দিনের শেষে সফরকারীরা প্রথম ইনিংসে কয়েক উইকেট হারিয়ে ব্যাট করছিল। অধিনায়ক বলেন, আমরা পরিকল্পনা অনুযায়ী বল করেছি। চতুর্থ দিনে দ্রুত উইকেট তুলে নেওয়াই লক্ষ্য। মাঠকর্মীরা দিনভর পিচ ঢেকে রাখার কাজে ব্যস্ত ছিলেন।

বিজয়ের মাস
(প্রথম পাতার পর)

১৯৭১ সালের এই দিনে মুক্তিযোদ্ধারা দেশের বিভিন্ন অঞ্চল হানাদারমুক্ত করেন। মিত্রবাহিনীর সহায়তায় একের পর এক এলাকায় পাকিস্তানি সেনারা পরাজিত হতে থাকে। মুক্তাঞ্চলে উড়তে থাকে স্বাধীন বাংলার পতাকা। বিজয়ের মাসে দেশজুড়ে নানা কর্মসূচির মাধ্যমে মুক্তিযুদ্ধের শহীদদের স্মরণ করা হচ্ছে।

১৯৭১ সালের এই দিনে মুক্তিযোদ্ধারা দেশের বিভিন্ন অঞ্চল হানাদারমুক্ত করেন। মিত্রবাহিনীর সহায়তায় একের পর এক এলাকায় পাকিস্তানি সেনারা পরাজিত হতে থাকে। মুক্তাঞ্চলে উড়তে থাকে স্বাধীন বাংলার পতাকা। বিজয়ের মাসে দেশজুড়ে নানা কর্মসূচির মাধ্যমে মুক্তিযুদ্ধের শহীদদের স্মরণ করা হচ্ছে।

বেগম রোকেয়া দিবস
(প্রথম পাতার পর)

নারী জাগরণের অগ্রদূত বেগম রোকেয়ার জন্ম ও মৃত্যুবার্ষিকী উপলক্ষে আজ দেশজুড়ে নানা আয়োজন করা হয়েছে। রংপুরের পায়রাবন্দে তার জন্মস্থানে আলোচনা সভা, স্মৃতিচারণ ও সাংস্কৃতিক অনুষ্ঠান হবে। নারী শিক্ষা ও অধিকার প্রতিষ্ঠায় তার অবদান স্মরণ করে বিভিন্ন সংগঠন কর্মসূচি হাতে নিয়েছে। সরকারিভাবে বিশিষ্ট নারীদের বেগম রোকেয়া পদক প্রদান করা হবে।

নারী জাগরণের অগ্রদূত বেগম রোকেয়ার জন্ম ও মৃত্যুবার্ষিকী উপলক্ষে আজ দেশজুড়ে নানা আয়োজন করা হয়েছে। রংপুরের পায়রাবন্দে তার জন্মস্থানে আলোচনা সভা, স্মৃতিচারণ ও সাংস্কৃতিক অনুষ্ঠান হবে। নারী শিক্ষা ও অধিকার প্রতিষ্ঠায় তার অবদান স্মরণ করে বিভিন্ন সংগঠন কর্মসূচি হাতে নিয়েছে। সরকারিভাবে বিশিষ্ট নারীদের বেগম রোকেয়া পদক প্রদান করা হবে।

নারী জাগরণের অগ্রদূত বেগম রোকেয়ার জন্ম ও মৃত্যুবার্ষিকী উপলক্ষে আজ দেশজুড়ে নানা আয়োজন করা হয়েছে। রংপুরের পায়রাবন্দে তার জন্মস্থানে আলোচনা সভা, স্মৃতিচারণ ও সাংস্কৃতিক অনুষ্ঠান হবে। নারী শিক্ষা ও অধিকার প্রতিষ্ঠায় তার অবদান স্মরণ করে বিভিন্ন সংগঠন কর্মসূচি হাতে নিয়েছে। সরকারিভাবে বিশিষ্ট নারীদের বেগম রোকেয়া পদক প্রদান করা হবে।

প্রার্থিতা ফিরে পেতে ৪৫১ আপিল
(প্রথম পাতার পর)

মনোনয়নপত্র বাতিল হওয়া প্রার্থীরা নির্বাচন কমিশনে আপিল করেছেন। কমিশন জানিয়েছে, শুনানি শেষে আপিলের নিষ্পত্তি করা হবে। ঋণখেলাপি, স্বাক্ষর জটিলতা এবং এক শতাংশ ভোটারের সমর্থনসূচক স্বাক্ষরে অসঙ্গতির কারণে অনেকের মনোনয়নপত্র বাতিল হয়েছিল। আপিল শুনানির তারিখ ও সময়সূচি প্রার্থীদের জানিয়ে দেওয়া হয়েছে। স্বতন্ত্র প্রার্থীদের সংখ্যাই বেশি বলে জানা গেছে।

মনোনয়নপত্র বাতিল হওয়া প্রার্থীরা নির্বাচন কমিশনে আপিল করেছেন। কমিশন জানিয়েছে, শুনানি শেষে আপিলের নিষ্পত্তি করা হবে। ঋণখেলাপি, স্বাক্ষর জটিলতা এবং এক শতাংশ ভোটারের সমর্থনসূচক স্বাক্ষরে অসঙ্গতির কারণে অনেকের মনোনয়নপত্র বাতিল হয়েছিল। আপিল শুনানির তারিখ ও সময়সূচি প্রার্থীদের জানিয়ে দেওয়া হয়েছে। স্বতন্ত্র প্রার্থীদের সংখ্যাই বেশি বলে জানা গেছে।

মনোনয়নপত্র বাতিল হওয়া প্রার্থীরা নির্বাচন কমিশনে আপিল করেছেন। কমিশন জানিয়েছে, শুনানি শেষে আপিলের নিষ্পত্তি করা হবে। ঋণখেলাপি, স্বাক্ষর জটিলতা এবং এক শতাংশ ভোটারের সমর্থনসূচক স্বাক্ষরে অসঙ্গতির কারণে অনেকের মনোনয়নপত্র বাতিল হয়েছিল। আপিল শুনানির তারিখ ও সময়সূচি প্রার্থীদের জানিয়ে দেওয়া হয়েছে। স্বতন্ত্র প্রার্থীদের সংখ্যাই বেশি বলে জানা গেছে।

মনোনয়নপত্র বাতিল হওয়া প্রার্থীরা নির্বাচন কমিশনে আপিল করেছেন। কমিশন জানিয়েছে, শুনানি শেষে আপিলের নিষ্পত্তি করা হবে। ঋণখেলাপি, স্বাক্ষর জটিলতা এবং এক শতাংশ ভোটারের সমর্থনসূচক স্বাক্ষরে অসঙ্গতির কারণে অনেকের মনোনয়নপত্র বাতিল হয়েছিল। আপিল শুনানির তারিখ ও সময়সূচি প্রার্থীদের জানিয়ে দেওয়া হয়েছে। স্বতন্ত্র প্রার্থীদের সংখ্যাই বেশি বলে জানা গেছে।

মনোনয়নপত্র বাতিল হওয়া প্রার্থীরা নির্বাচন কমিশনে আপিল করেছেন। কমিশন জানিয়েছে, শুনানি শেষে আপিলের নিষ্পত্তি করা হবে। ঋণখেলাপি, স্বাক্ষর জটিলতা এবং এক শতাংশ ভোটারের সমর্থনসূচক স্বাক্ষরে অসঙ্গতির কারণে অনেকের মনোনয়নপত্র বাতিল হয়েছিল। আপিল শুনানির তারিখ ও সময়সূচি প্রার্থীদের জানিয়ে দেওয়া হয়েছে। স্বতন্ত্র প্রার্থীদের সংখ্যাই বেশি বলে জানা গেছে।
